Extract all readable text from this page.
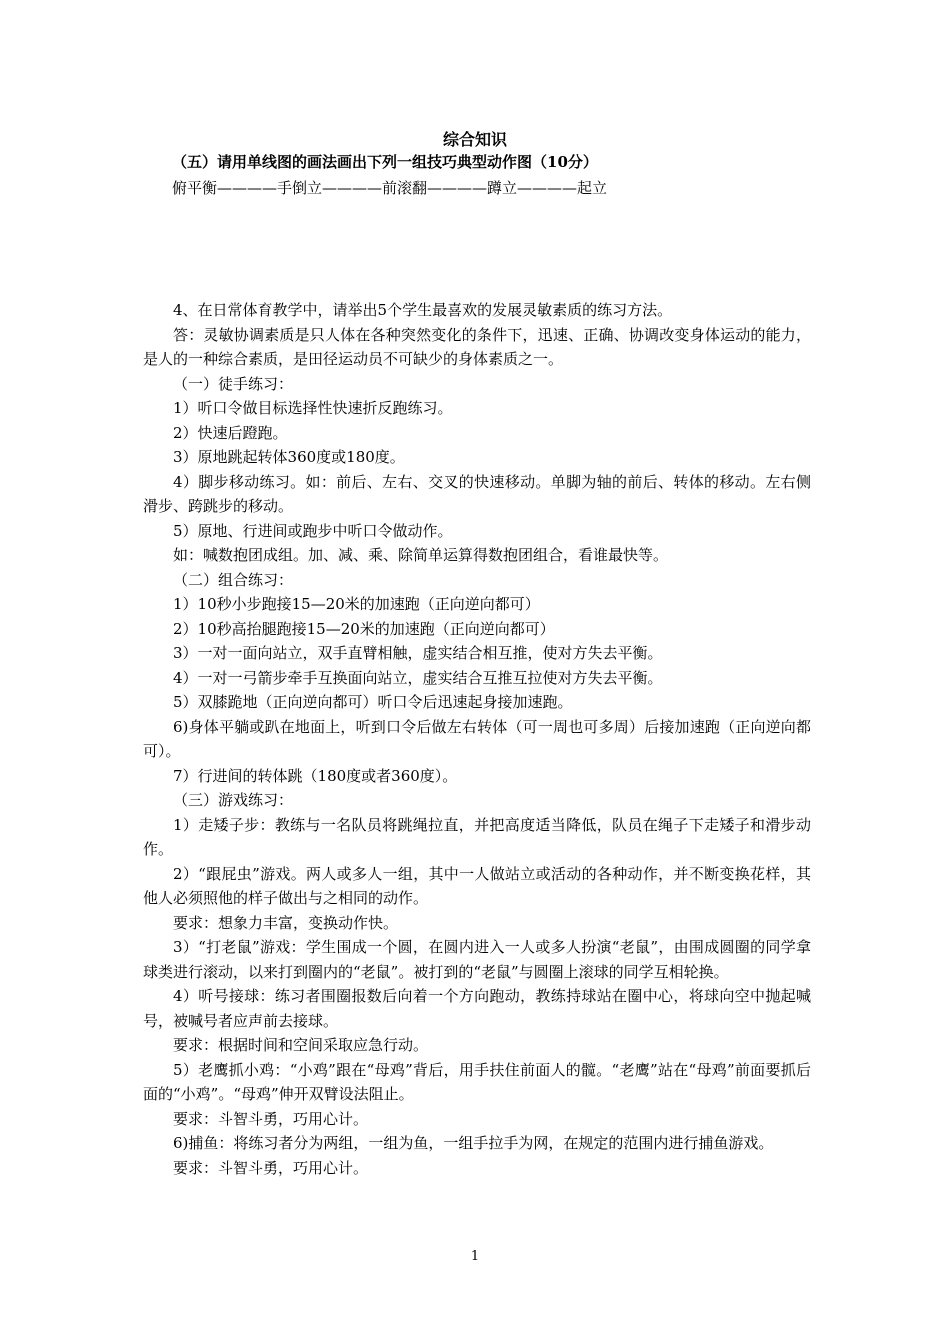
综合知识
（五）请用单线图的画法画出下列一组技巧典型动作图（10分）
俯平衡————手倒立————前滚翻————蹲立————起立

4、在日常体育教学中，请举出5个学生最喜欢的发展灵敏素质的练习方法。

答：灵敏协调素质是只人体在各种突然变化的条件下，迅速、正确、协调改变身体运动的能力，是人的一种综合素质，是田径运动员不可缺少的身体素质之一。

（一）徒手练习：

1）听口令做目标选择性快速折反跑练习。

2）快速后蹬跑。

3）原地跳起转体360度或180度。

4）脚步移动练习。如：前后、左右、交叉的快速移动。单脚为轴的前后、转体的移动。左右侧滑步、跨跳步的移动。

5）原地、行进间或跑步中听口令做动作。

如：喊数抱团成组。加、减、乘、除简单运算得数抱团组合，看谁最快等。

（二）组合练习：

1）10秒小步跑接15—20米的加速跑（正向逆向都可）

2）10秒高抬腿跑接15—20米的加速跑（正向逆向都可）

3）一对一面向站立，双手直臂相触，虚实结合相互推，使对方失去平衡。

4）一对一弓箭步牵手互换面向站立，虚实结合互推互拉使对方失去平衡。

5）双膝跪地（正向逆向都可）听口令后迅速起身接加速跑。

6)身体平躺或趴在地面上，听到口令后做左右转体（可一周也可多周）后接加速跑（正向逆向都可）。

7）行进间的转体跳（180度或者360度）。

（三）游戏练习：

1）走矮子步：教练与一名队员将跳绳拉直，并把高度适当降低，队员在绳子下走矮子和滑步动作。

2）“跟屁虫”游戏。两人或多人一组，其中一人做站立或活动的各种动作，并不断变换花样，其他人必须照他的样子做出与之相同的动作。

要求：想象力丰富，变换动作快。

3）“打老鼠”游戏：学生围成一个圆，在圆内进入一人或多人扮演“老鼠”，由围成圆圈的同学拿球类进行滚动，以来打到圈内的“老鼠”。被打到的“老鼠”与圆圈上滚球的同学互相轮换。

4）听号接球：练习者围圈报数后向着一个方向跑动，教练持球站在圈中心，将球向空中抛起喊号，被喊号者应声前去接球。

要求：根据时间和空间采取应急行动。

5）老鹰抓小鸡：“小鸡”跟在“母鸡”背后，用手扶住前面人的髋。“老鹰”站在“母鸡”前面要抓后面的“小鸡”。“母鸡”伸开双臂设法阻止。

要求：斗智斗勇，巧用心计。

6)捕鱼：将练习者分为两组，一组为鱼，一组手拉手为网，在规定的范围内进行捕鱼游戏。

要求：斗智斗勇，巧用心计。

1
